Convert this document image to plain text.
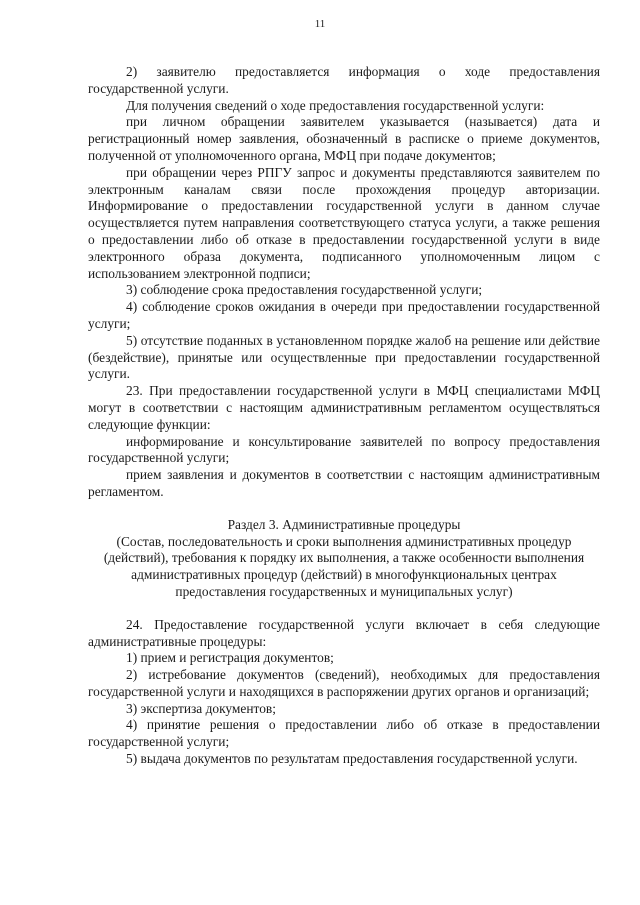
11

2) заявителю предоставляется информация о ходе предоставления государственной услуги.

Для получения сведений о ходе предоставления государственной услуги:

при личном обращении заявителем указывается (называется) дата и регистрационный номер заявления, обозначенный в расписке о приеме документов, полученной от уполномоченного органа, МФЦ при подаче документов;

при обращении через РПГУ запрос и документы представляются заявителем по электронным каналам связи после прохождения процедур авторизации. Информирование о предоставлении государственной услуги в данном случае осуществляется путем направления соответствующего статуса услуги, а также решения о предоставлении либо об отказе в предоставлении государственной услуги в виде электронного образа документа, подписанного уполномоченным лицом с использованием электронной подписи;

3) соблюдение срока предоставления государственной услуги;

4) соблюдение сроков ожидания в очереди при предоставлении государственной услуги;

5) отсутствие поданных в установленном порядке жалоб на решение или действие (бездействие), принятые или осуществленные при предоставлении государственной услуги.

23. При предоставлении государственной услуги в МФЦ специалистами МФЦ могут в соответствии с настоящим административным регламентом осуществляться следующие функции:

информирование и консультирование заявителей по вопросу предоставления государственной услуги;

прием заявления и документов в соответствии с настоящим административным регламентом.

Раздел 3. Административные процедуры

(Состав, последовательность и сроки выполнения административных процедур (действий), требования к порядку их выполнения, а также особенности выполнения административных процедур (действий) в многофункциональных центрах предоставления государственных и муниципальных услуг)

24. Предоставление государственной услуги включает в себя следующие административные процедуры:

1) прием и регистрация документов;

2) истребование документов (сведений), необходимых для предоставления государственной услуги и находящихся в распоряжении других органов и организаций;

3) экспертиза документов;

4) принятие решения о предоставлении либо об отказе в предоставлении государственной услуги;

5) выдача документов по результатам предоставления государственной услуги.
